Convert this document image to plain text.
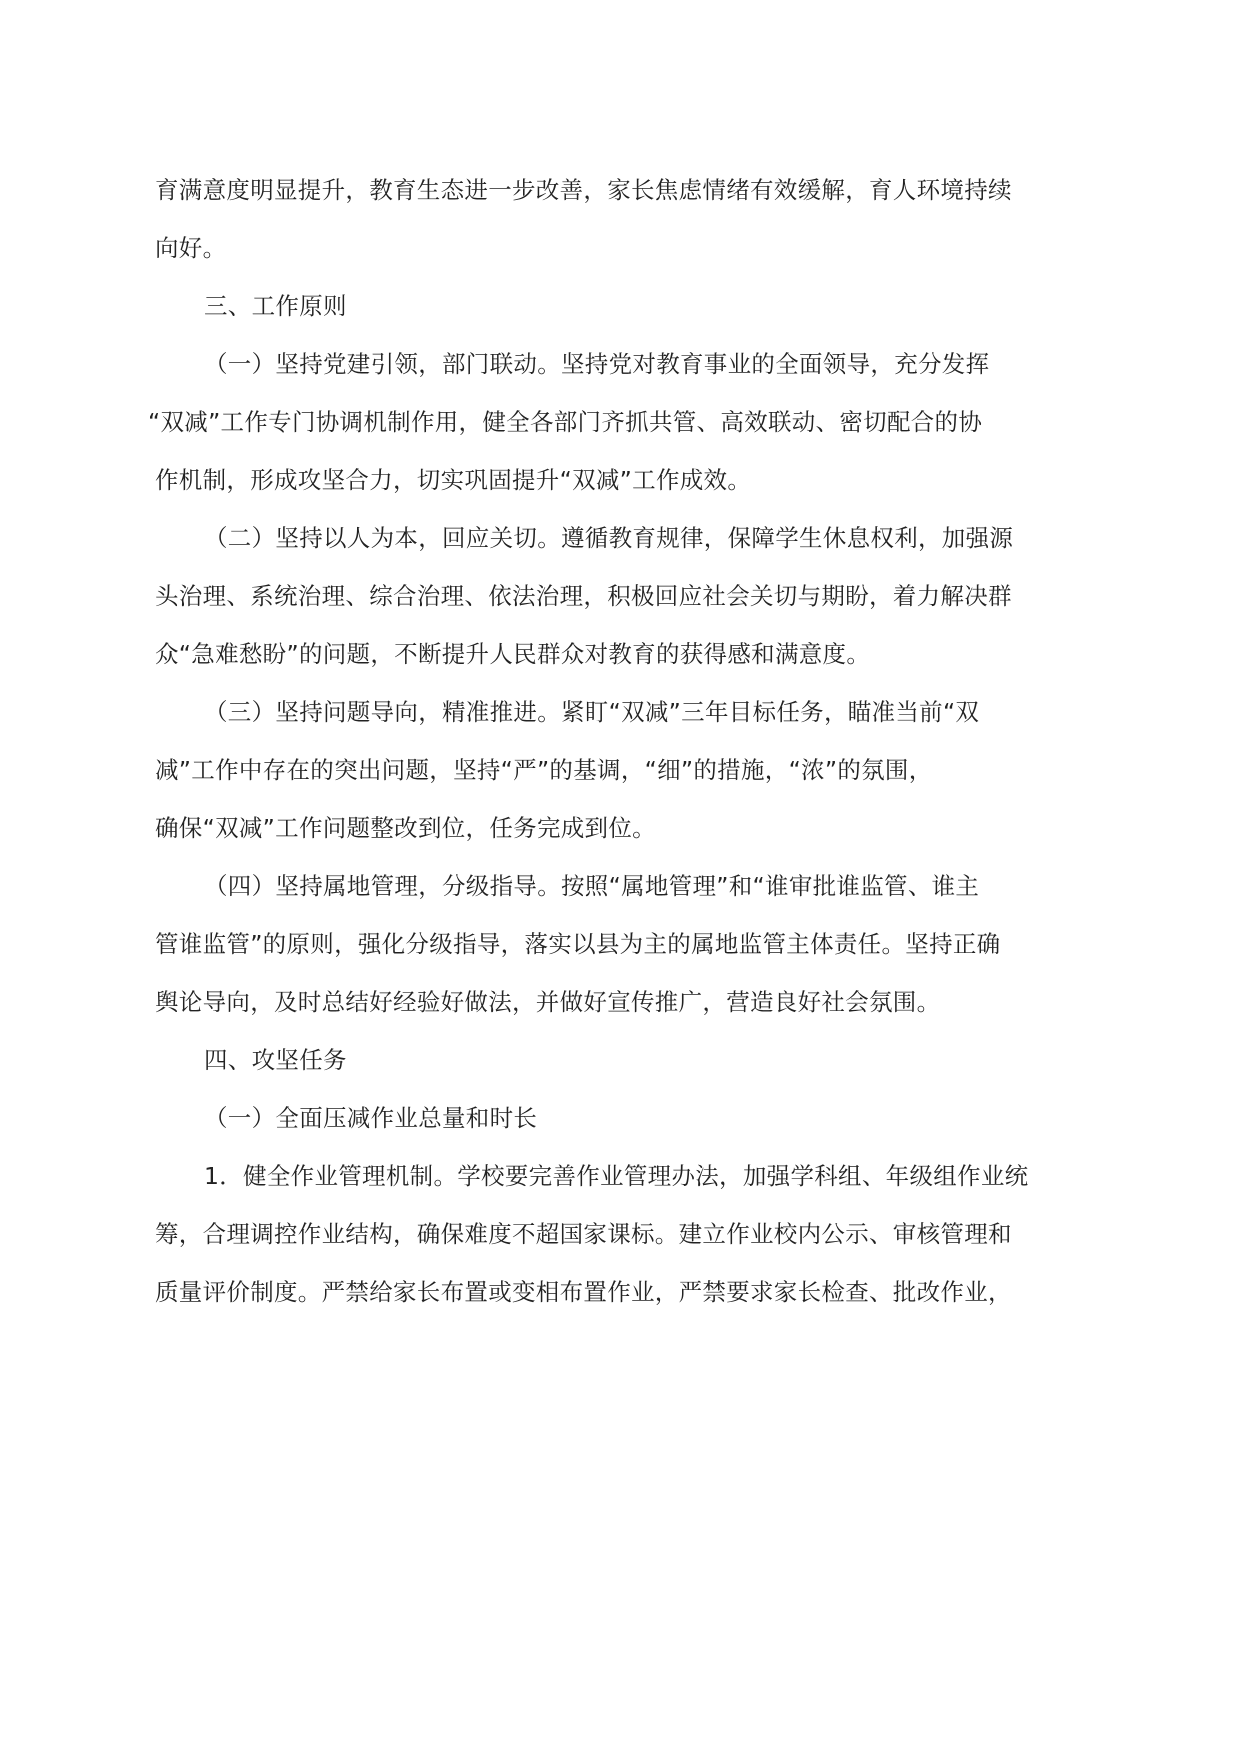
育满意度明显提升，教育生态进一步改善，家长焦虑情绪有效缓解，育人环境持续
向好。
三、工作原则
（一）坚持党建引领，部门联动。坚持党对教育事业的全面领导，充分发挥
“双减”工作专门协调机制作用，健全各部门齐抓共管、高效联动、密切配合的协
作机制，形成攻坚合力，切实巩固提升“双减”工作成效。
（二）坚持以人为本，回应关切。遵循教育规律，保障学生休息权利，加强源
头治理、系统治理、综合治理、依法治理，积极回应社会关切与期盼，着力解决群
众“急难愁盼”的问题，不断提升人民群众对教育的获得感和满意度。
（三）坚持问题导向，精准推进。紧盯“双减”三年目标任务，瞄准当前“双
减”工作中存在的突出问题，坚持“严”的基调，“细”的措施，“浓”的氛围，
确保“双减”工作问题整改到位，任务完成到位。
（四）坚持属地管理，分级指导。按照“属地管理”和“谁审批谁监管、谁主
管谁监管”的原则，强化分级指导，落实以县为主的属地监管主体责任。坚持正确
舆论导向，及时总结好经验好做法，并做好宣传推广，营造良好社会氛围。
四、攻坚任务
（一）全面压减作业总量和时长
1．健全作业管理机制。学校要完善作业管理办法，加强学科组、年级组作业统
筹，合理调控作业结构，确保难度不超国家课标。建立作业校内公示、审核管理和
质量评价制度。严禁给家长布置或变相布置作业，严禁要求家长检查、批改作业，
